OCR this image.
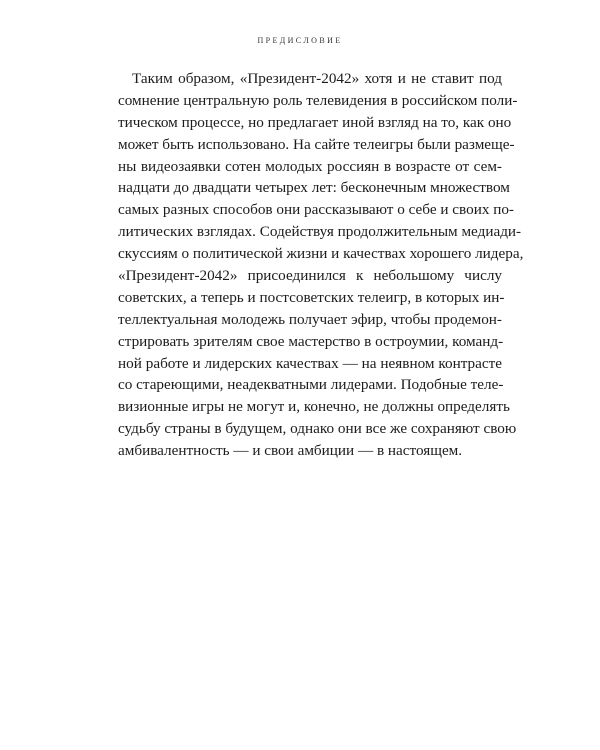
ПРЕДИСЛОВИЕ
Таким образом, «Президент-2042» хотя и не ставит под
сомнение центральную роль телевидения в российском поли-
тическом процессе, но предлагает иной взгляд на то, как оно
может быть использовано. На сайте телеигры были размеще-
ны видеозаявки сотен молодых россиян в возрасте от сем-
надцати до двадцати четырех лет: бесконечным множеством
самых разных способов они рассказывают о себе и своих по-
литических взглядах. Содействуя продолжительным медиади-
скуссиям о политической жизни и качествах хорошего лидера,
«Президент-2042» присоединился к небольшому числу
советских, а теперь и постсоветских телеигр, в которых ин-
теллектуальная молодежь получает эфир, чтобы продемон-
стрировать зрителям свое мастерство в остроумии, команд-
ной работе и лидерских качествах — на неявном контрасте
со стареющими, неадекватными лидерами. Подобные теле-
визионные игры не могут и, конечно, не должны определять
судьбу страны в будущем, однако они все же сохраняют свою
амбивалентность — и свои амбиции — в настоящем.
